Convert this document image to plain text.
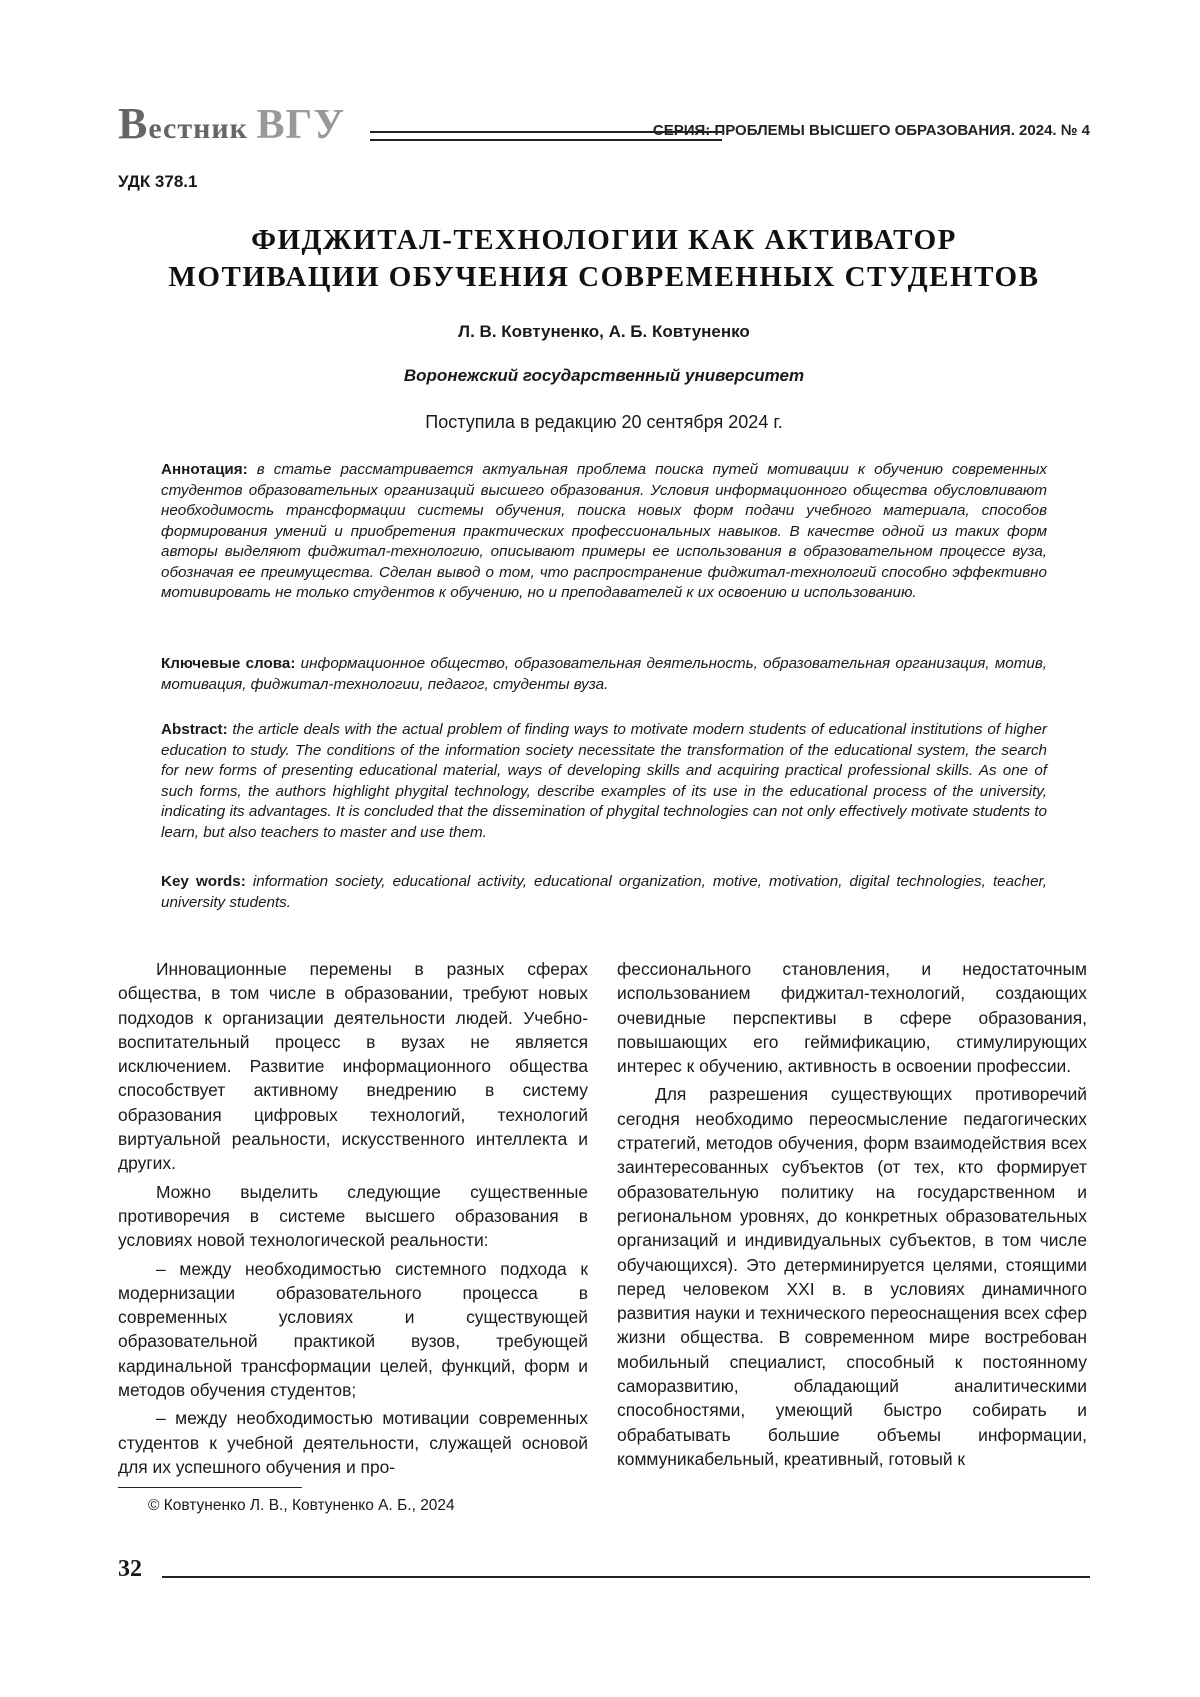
Вестник ВГУ	СЕРИЯ: ПРОБЛЕМЫ ВЫСШЕГО ОБРАЗОВАНИЯ. 2024. № 4
УДК 378.1
ФИДЖИТАЛ-ТЕХНОЛОГИИ КАК АКТИВАТОР
МОТИВАЦИИ ОБУЧЕНИЯ СОВРЕМЕННЫХ СТУДЕНТОВ
Л. В. Ковтуненко, А. Б. Ковтуненко
Воронежский государственный университет
Поступила в редакцию 20 сентября 2024 г.
Аннотация: в статье рассматривается актуальная проблема поиска путей мотивации к обучению современных студентов образовательных организаций высшего образования. Условия информационного общества обусловливают необходимость трансформации системы обучения, поиска новых форм подачи учебного материала, способов формирования умений и приобретения практических профессиональных навыков. В качестве одной из таких форм авторы выделяют фиджитал-технологию, описывают примеры ее использования в образовательном процессе вуза, обозначая ее преимущества. Сделан вывод о том, что распространение фиджитал-технологий способно эффективно мотивировать не только студентов к обучению, но и преподавателей к их освоению и использованию.
Ключевые слова: информационное общество, образовательная деятельность, образовательная организация, мотив, мотивация, фиджитал-технологии, педагог, студенты вуза.
Abstract: the article deals with the actual problem of finding ways to motivate modern students of educational institutions of higher education to study. The conditions of the information society necessitate the transformation of the educational system, the search for new forms of presenting educational material, ways of developing skills and acquiring practical professional skills. As one of such forms, the authors highlight phygital technology, describe examples of its use in the educational process of the university, indicating its advantages. It is concluded that the dissemination of phygital technologies can not only effectively motivate students to learn, but also teachers to master and use them.
Key words: information society, educational activity, educational organization, motive, motivation, digital technologies, teacher, university students.

Инновационные перемены в разных сферах общества, в том числе в образовании, требуют новых подходов к организации деятельности людей. Учебно-воспитательный процесс в вузах не является исключением. Развитие информационного общества способствует активному внедрению в систему образования цифровых технологий, технологий виртуальной реальности, искусственного интеллекта и других.

Можно выделить следующие существенные противоречия в системе высшего образования в условиях новой технологической реальности:

– между необходимостью системного подхода к модернизации образовательного процесса в современных условиях и существующей образовательной практикой вузов, требующей кардинальной трансформации целей, функций, форм и методов обучения студентов;

– между необходимостью мотивации современных студентов к учебной деятельности, служащей основой для их успешного обучения и про-

фессионального становления, и недостаточным использованием фиджитал-технологий, создающих очевидные перспективы в сфере образования, повышающих его геймификацию, стимулирующих интерес к обучению, активность в освоении профессии.

Для разрешения существующих противоречий сегодня необходимо переосмысление педагогических стратегий, методов обучения, форм взаимодействия всех заинтересованных субъектов (от тех, кто формирует образовательную политику на государственном и региональном уровнях, до конкретных образовательных организаций и индивидуальных субъектов, в том числе обучающихся). Это детерминируется целями, стоящими перед человеком XXI в. в условиях динамичного развития науки и технического переоснащения всех сфер жизни общества. В современном мире востребован мобильный специалист, способный к постоянному саморазвитию, обладающий аналитическими способностями, умеющий быстро собирать и обрабатывать большие объемы информации, коммуникабельный, креативный, готовый к

© Ковтуненко Л. В., Ковтуненко А. Б., 2024
32
